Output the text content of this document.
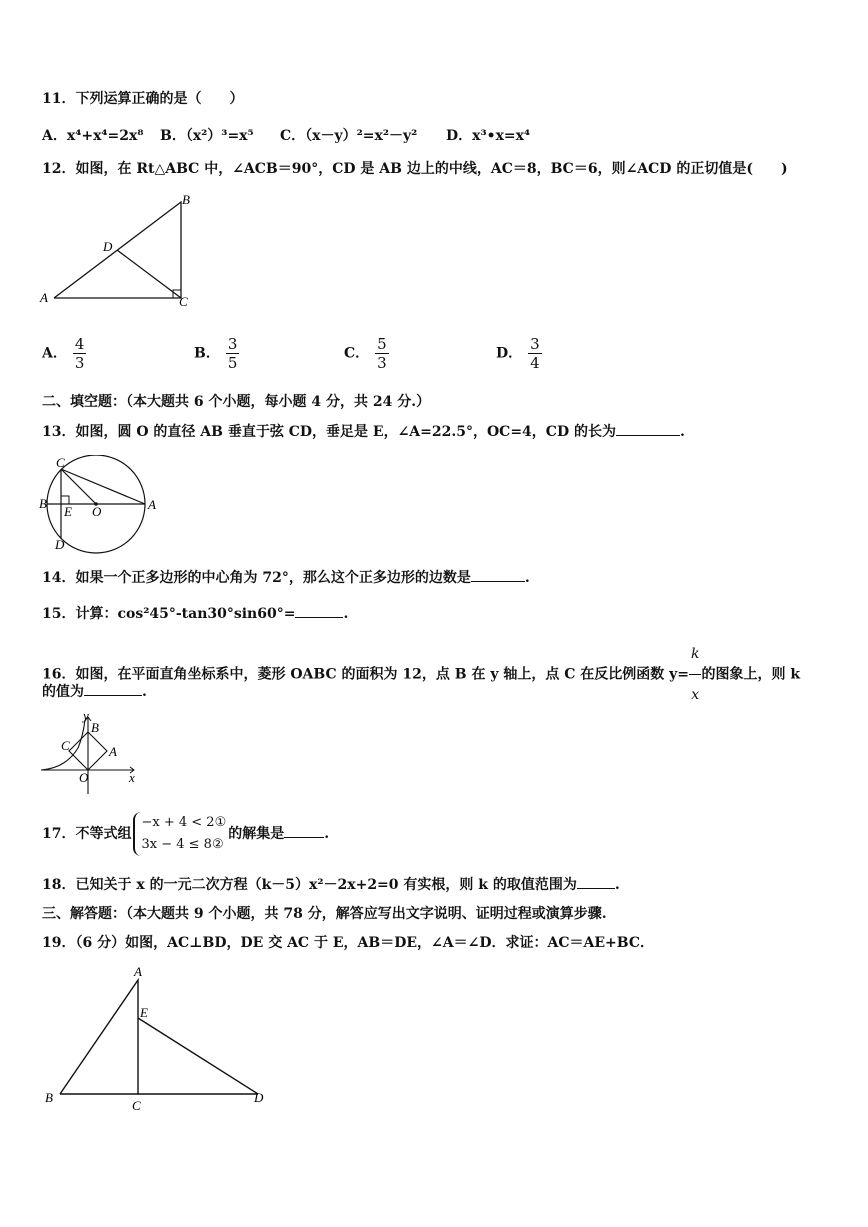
11．下列运算正确的是（　　）
A．x⁴+x⁴=2x⁸ B．（x²）³=x⁵ C．（x－y）²=x²－y² D．x³•x=x⁴
12．如图，在 Rt△ABC 中，∠ACB＝90°，CD 是 AB 边上的中线，AC＝8，BC＝6，则∠ACD 的正切值是(　　)
A
B
C
D
A． $\frac{4}{3}$	B． $\frac{3}{5}$	C． $\frac{5}{3}$	D． $\frac{3}{4}$
二、填空题：（本大题共 6 个小题，每小题 4 分，共 24 分.）
13．如图，圆 O 的直径 AB 垂直于弦 CD，垂足是 E，∠A=22.5°，OC=4，CD 的长为	.
C
B
E O	A
D
14．如果一个正多边形的中心角为 72°，那么这个正多边形的边数是	.
15．计算：cos²45°-tan30°sin60°=	.
16．如图，在平面直角坐标系中，菱形 OABC 的面积为 12，点 B 在 y 轴上，点 C 在反比例函数 $y= \frac{k}{x}$ 的图象上，则 k
的值为	.
y
x
O
A
B
C
17．不等式组
−x + 4 < 2①
3x − 4 ≤ 8②
的解集是	.
18．已知关于 x 的一元二次方程（k－5）x²－2x+2=0 有实根，则 k 的取值范围为	.
三、解答题：（本大题共 9 个小题，共 78 分，解答应写出文字说明、证明过程或演算步骤.
19．（6 分）如图，AC⊥BD，DE 交 AC 于 E，AB＝DE，∠A＝∠D．求证：AC＝AE+BC．
A
E
B
C
D
